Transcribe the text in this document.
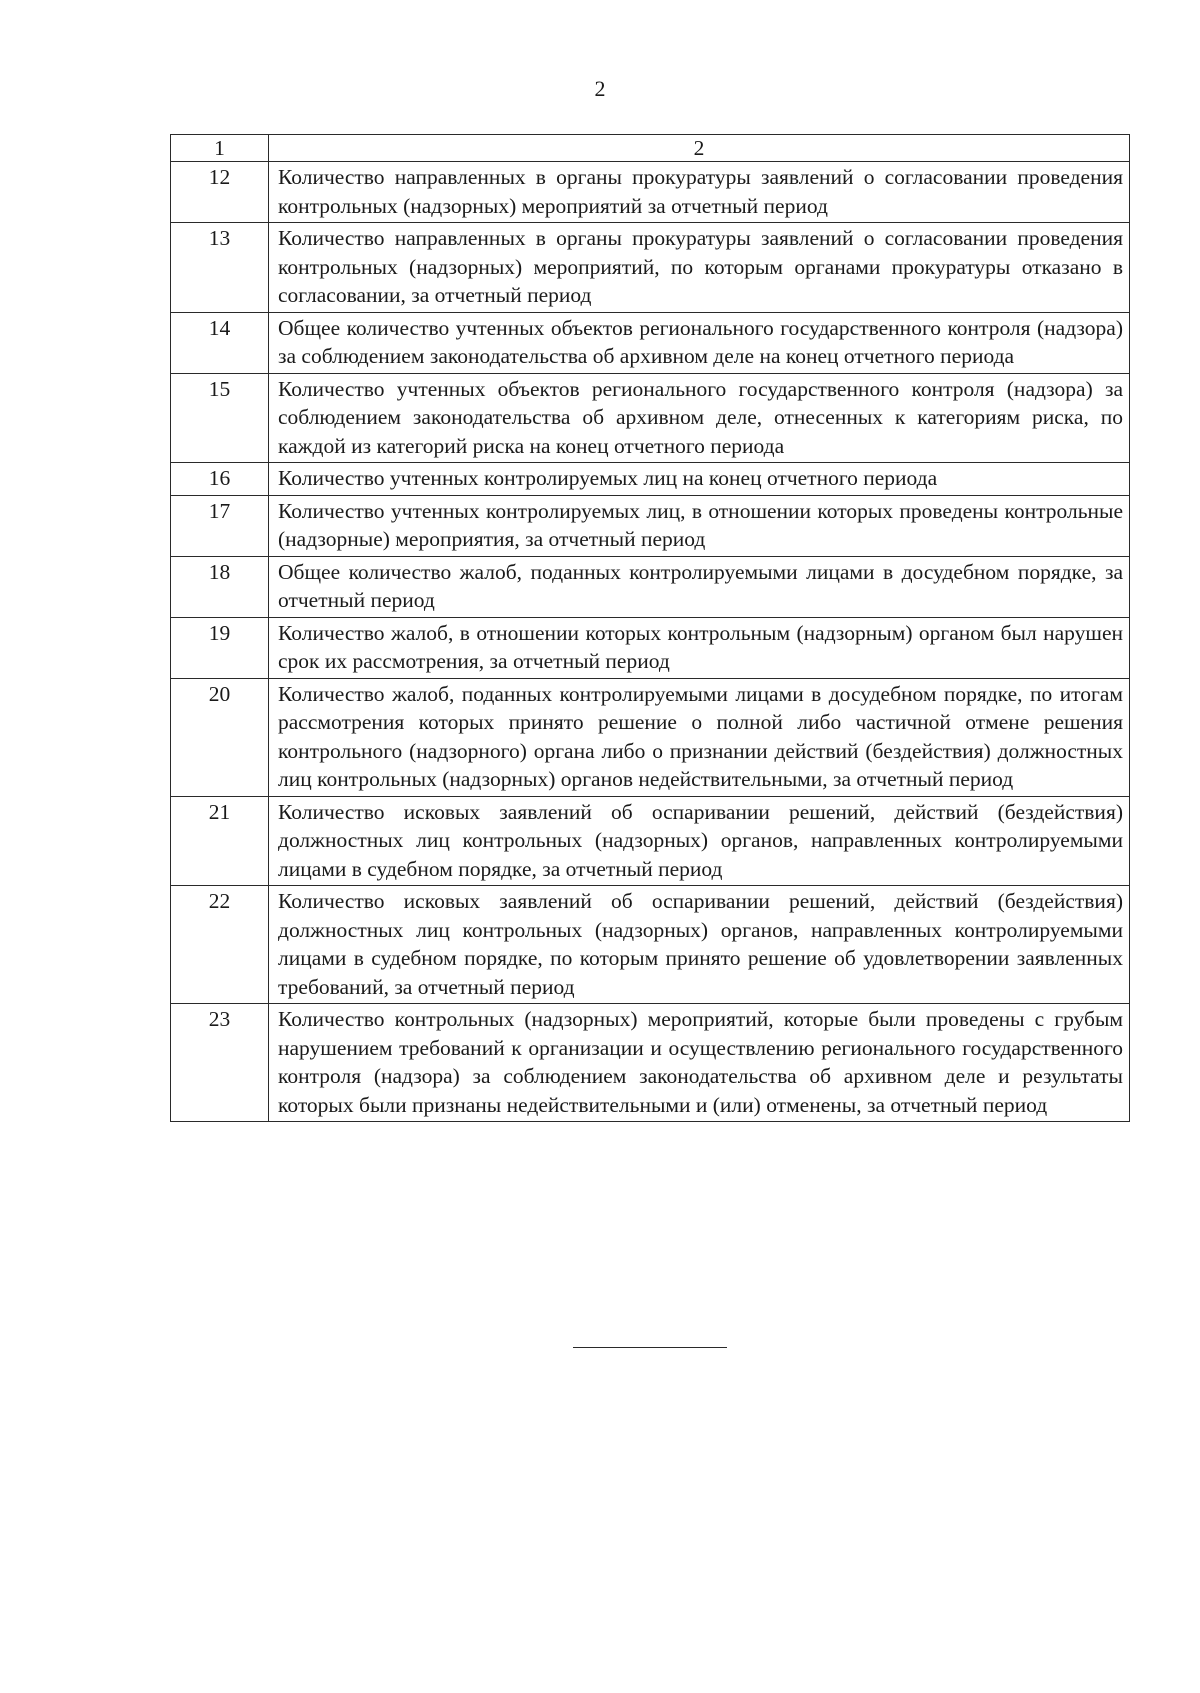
2
1	2
12	Количество направленных в органы прокуратуры заявлений о согласовании проведения контрольных (надзорных) мероприятий за отчетный период
13	Количество направленных в органы прокуратуры заявлений о согласовании проведения контрольных (надзорных) мероприятий, по которым органами прокуратуры отказано в согласовании, за отчетный период
14	Общее количество учтенных объектов регионального государственного контроля (надзора) за соблюдением законодательства об архивном деле на конец отчетного периода
15	Количество учтенных объектов регионального государственного контроля (надзора) за соблюдением законодательства об архивном деле, отнесенных к категориям риска, по каждой из категорий риска на конец отчетного периода
16	Количество учтенных контролируемых лиц на конец отчетного периода
17	Количество учтенных контролируемых лиц, в отношении которых проведены контрольные (надзорные) мероприятия, за отчетный период
18	Общее количество жалоб, поданных контролируемыми лицами в досудебном порядке, за отчетный период
19	Количество жалоб, в отношении которых контрольным (надзорным) органом был нарушен срок их рассмотрения, за отчетный период
20	Количество жалоб, поданных контролируемыми лицами в досудебном порядке, по итогам рассмотрения которых принято решение о полной либо частичной отмене решения контрольного (надзорного) органа либо о признании действий (бездействия) должностных лиц контрольных (надзорных) органов недействительными, за отчетный период
21	Количество исковых заявлений об оспаривании решений, действий (бездействия) должностных лиц контрольных (надзорных) органов, направленных контролируемыми лицами в судебном порядке, за отчетный период
22	Количество исковых заявлений об оспаривании решений, действий (бездействия) должностных лиц контрольных (надзорных) органов, направленных контролируемыми лицами в судебном порядке, по которым принято решение об удовлетворении заявленных требований, за отчетный период
23	Количество контрольных (надзорных) мероприятий, которые были проведены с грубым нарушением требований к организации и осуществлению регионального государственного контроля (надзора) за соблюдением законодательства об архивном деле и результаты которых были признаны недействительными и (или) отменены, за отчетный период
